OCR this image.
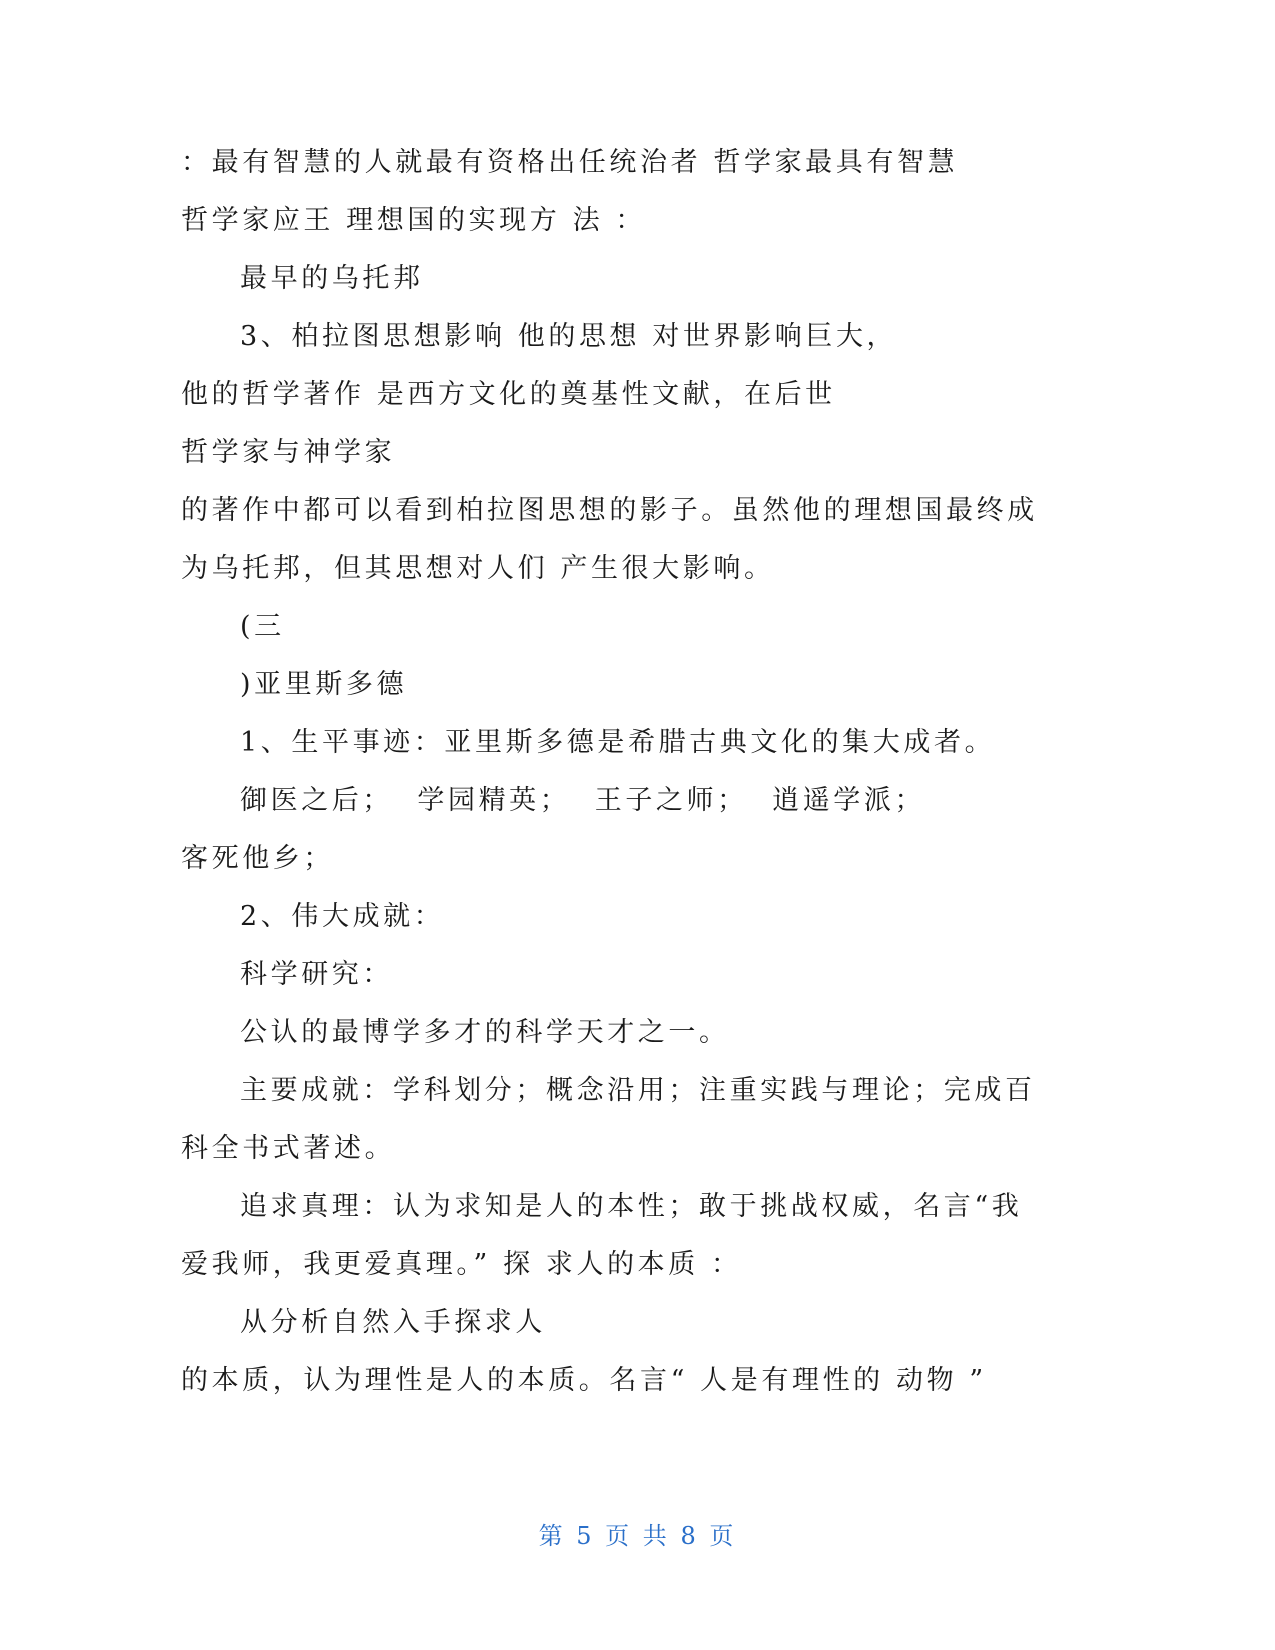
：最有智慧的人就最有资格出任统治者 哲学家最具有智慧
哲学家应王 理想国的实现方 法 ：
最早的乌托邦
3、柏拉图思想影响 他的思想 对世界影响巨大，
他的哲学著作 是西方文化的奠基性文献，在后世
哲学家与神学家
的著作中都可以看到柏拉图思想的影子。虽然他的理想国最终成
为乌托邦，但其思想对人们 产生很大影响。
(三
)亚里斯多德
1、生平事迹：亚里斯多德是希腊古典文化的集大成者。
御医之后；  学园精英；  王子之师；  逍遥学派；
客死他乡；
2、伟大成就：
科学研究：
公认的最博学多才的科学天才之一。
主要成就：学科划分；概念沿用；注重实践与理论；完成百
科全书式著述。
追求真理：认为求知是人的本性；敢于挑战权威，名言“我
爱我师，我更爱真理。” 探 求人的本质 ：
从分析自然入手探求人
的本质，认为理性是人的本质。名言“ 人是有理性的 动物 ”
第 5 页 共 8 页
